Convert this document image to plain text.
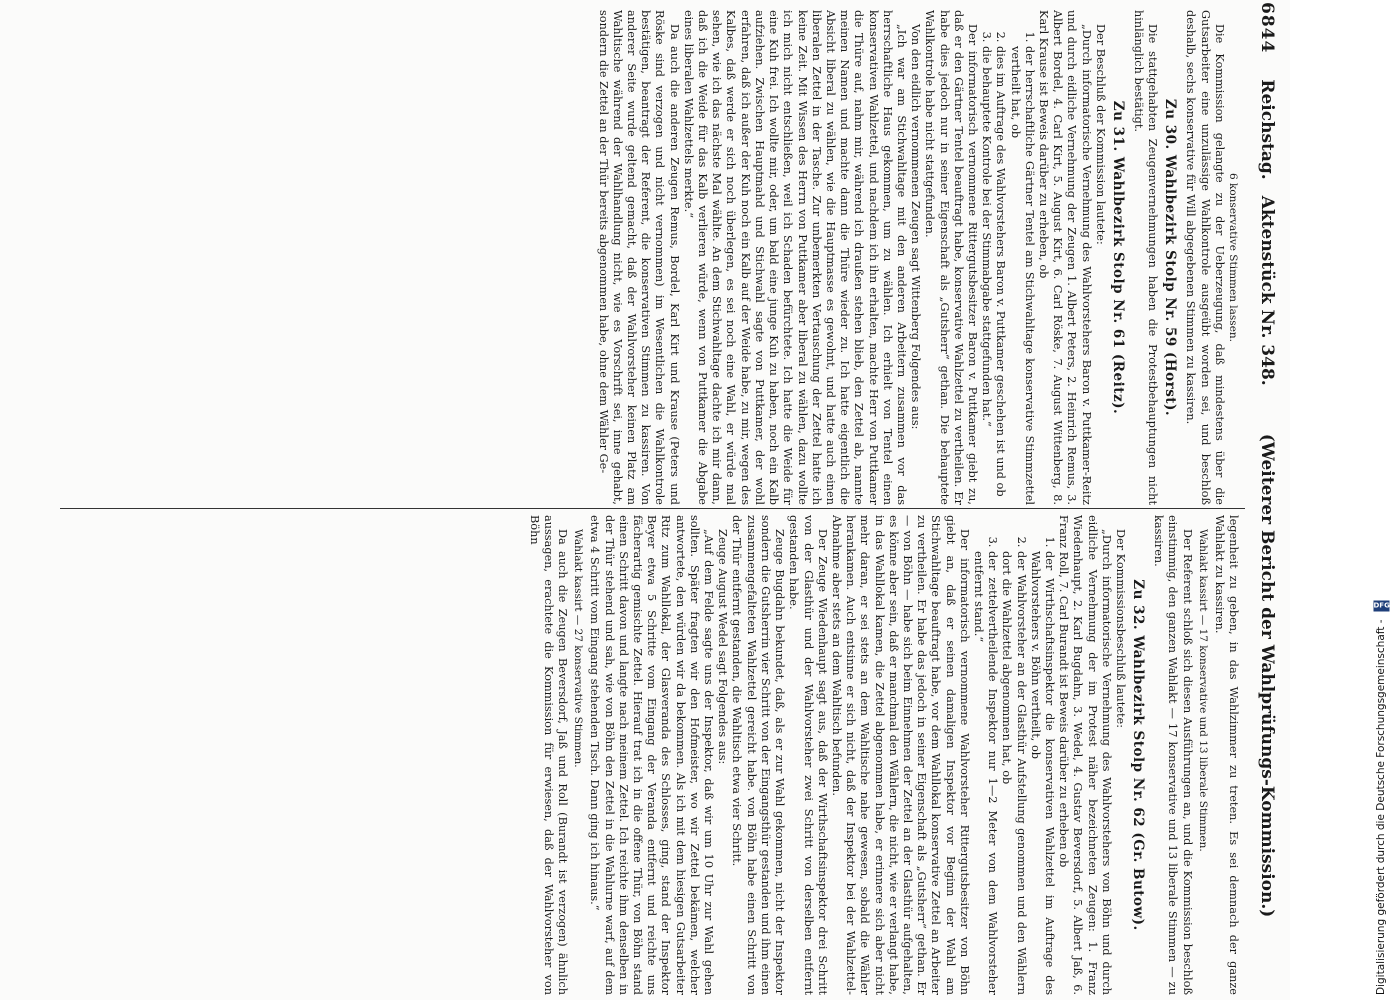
6844
Reichstag.
Aktenstück Nr. 348.
(Weiterer Bericht der Wahlprüfungs-Kommission.)

6 konservative Stimmen lassen.

Die Kommission gelangte zu der Ueberzeugung, daß mindestens über die Gutsarbeiter eine unzulässige Wahlkontrole ausgeübt worden sei, und beschloß deshalb, sechs konservative für Will abgegebenen Stimmen zu kassiren.

Zu 30. Wahlbezirk Stolp Nr. 59 (Horst).

Die stattgehabten Zeugenvernehmungen haben die Protestbehauptungen nicht hinlänglich bestätigt.

Zu 31. Wahlbezirk Stolp Nr. 61 (Reitz).

Der Beschluß der Kommission lautete:

„Durch informatorische Vernehmung des Wahlvorstehers Baron v. Puttkamer-Reitz und durch eidliche Vernehmung der Zeugen 1. Albert Peters, 2. Heinrich Remus, 3. Albert Bordel, 4. Carl Kirt, 5. August Kirt, 6. Carl Röske, 7. August Wittenberg, 8. Karl Krause ist Beweis darüber zu erheben, ob

1. der herrschaftliche Gärtner Tentel am Stichwahltage konservative Stimmzettel vertheilt hat, ob
2. dies im Auftrage des Wahlvorstehers Baron v. Puttkamer geschehen ist und ob
3. die behauptete Kontrole bei der Stimmabgabe stattgefunden hat.“

Der informatorisch vernommene Rittergutsbesitzer Baron v. Puttkamer giebt zu, daß er den Gärtner Tentel beauftragt habe, konservative Wahlzettel zu vertheilen. Er habe dies jedoch nur in seiner Eigenschaft als „Gutsherr“ gethan. Die behauptete Wahlkontrole habe nicht stattgefunden.

Von den eidlich vernommenen Zeugen sagt Wittenberg Folgendes aus:

„Ich war am Stichwahltage mit den anderen Arbeitern zusammen vor das herrschaftliche Haus gekommen, um zu wählen. Ich erhielt von Tentel einen konservativen Wahlzettel, und nachdem ich ihn erhalten, machte Herr von Puttkamer die Thüre auf, nahm mir, während ich draußen stehen blieb, den Zettel ab, nannte meinen Namen und machte dann die Thüre wieder zu. Ich hatte eigentlich die Absicht liberal zu wählen, wie die Hauptmasse es gewohnt, und hatte auch einen liberalen Zettel in der Tasche. Zur unbemerkten Vertauschung der Zettel hatte ich keine Zeit. Mit Wissen des Herrn von Puttkamer aber liberal zu wählen, dazu wollte ich mich nicht entschließen, weil ich Schaden befürchtete. Ich hatte die Weide für eine Kuh frei. Ich wollte mir, oder, um bald eine junge Kuh zu haben, noch ein Kalb aufziehen. Zwischen Hauptmahd und Stichwahl sagte von Puttkamer, der wohl erfahren, daß ich außer der Kuh noch ein Kalb auf der Weide habe, zu mir, wegen des Kalbes, daß werde er sich noch überlegen, es sei noch eine Wahl, er würde mal sehen, wie ich das nächste Mal wählte. An dem Stichwahltage dachte ich mir dann, daß ich die Weide für das Kalb verlieren würde, wenn von Puttkamer die Abgabe eines liberalen Wahlzettels merkte.“

Da auch die anderen Zeugen Remus, Bordel, Karl Kirt und Krause (Peters und Röske sind verzogen und nicht vernommen) im Wesentlichen die Wahlkontrole bestätigen, beantragt der Referent, die konservativen Stimmen zu kassiren. Von anderer Seite wurde geltend gemacht, daß der Wahlvorsteher keinen Platz am Wahltische während der Wahlhandlung nicht, wie es Vorschrift sei, inne gehabt, sondern die Zettel an der Thür bereits abgenommen habe, ohne dem Wähler Ge-

legenheit zu geben, in das Wahlzimmer zu treten. Es sei demnach der ganze Wahlakt zu kassiren.

Wahlakt kassirt — 17 konservative und 13 liberale Stimmen.

Der Referent schloß sich diesen Ausführungen an, und die Kommission beschloß einstimmig, den ganzen Wahlakt — 17 konservative und 13 liberale Stimmen — zu kassiren.

Zu 32. Wahlbezirk Stolp Nr. 62 (Gr. Butow).

Der Kommissionsbeschluß lautete:

„Durch informatorische Vernehmung des Wahlvorstehers von Böhn und durch eidliche Vernehmung der im Protest näher bezeichneten Zeugen: 1. Franz Wiedenhaupt, 2. Karl Bugdahn, 3. Wedel, 4. Gustav Beversdorf, 5. Albert Jaß, 6. Franz Roll, 7. Carl Burandt ist Beweis darüber zu erheben ob

1. der Wirthschaftsinspektor die konservativen Wahlzettel im Auftrage des Wahlvorstehers v. Böhn vertheilt, ob
2. der Wahlvorsteher an der Glasthür Aufstellung genommen und den Wählern dort die Wahlzettel abgenommen hat, ob
3. der zettelvertheilende Inspektor nur 1—2 Meter von dem Wahlvorsteher entfernt stand.“

Der informatorisch vernommene Wahlvorsteher Rittergutsbesitzer von Böhn giebt an, daß er seinen damaligen Inspektor vor Beginn der Wahl am Stichwahltage beauftragt habe, vor dem Wahllokal konservative Zettel an Arbeiter zu vertheilen. Er habe das jedoch in seiner Eigenschaft als „Gutsherr“ gethan. Er — von Böhn — habe sich beim Einnehmen der Zettel an der Glasthür aufgehalten, es könne aber sein, daß er manchmal den Wählern, die nicht, wie er verlangt habe, in das Wahllokal kamen, die Zettel abgenommen habe, er erinnere sich aber nicht mehr daran, er sei stets an dem Wahltische nahe gewesen, sobald die Wähler herankamen. Auch entsinne er sich nicht, daß der Inspektor bei der Wahlzettel-Abnahme aber stets an dem Wahltisch befunden.

Der Zeuge Wiedenhaupt sagt aus, daß der Wirthschaftsinspektor drei Schritt von der Glasthür und der Wahlvorsteher zwei Schritt von derselben entfernt gestanden habe.

Zeuge Bugdahn bekundet, daß, als er zur Wahl gekommen, nicht der Inspektor sondern die Gutsherrin vier Schritt von der Eingangsthür gestanden und ihm einen zusammengefalteten Wahlzettel gereicht habe. von Böhn habe einen Schritt von der Thür entfernt gestanden, die Wahltisch etwa vier Schritt.

Zeuge August Wedel sagt Folgendes aus:

„Auf dem Felde sagte uns der Inspektor, daß wir um 10 Uhr zur Wahl gehen sollten. Später fragten wir den Hofmeister, wo wir Zettel bekämen, welcher antwortete, den würden wir da bekommen. Als ich mit dem hiesigen Gutsarbeiter Ritz zum Wahllokal, der Glasveranda des Schlosses, ging, stand der Inspektor Beyer etwa 5 Schritte vom Eingang der Veranda entfernt und reichte uns fächerartig gemischte Zettel. Hierauf trat ich in die offene Thür, von Böhn stand einen Schritt davon und langte nach meinem Zettel. Ich reichte ihm denselben in der Thür stehend und sah, wie von Böhn den Zettel in die Wahlurne warf, auf dem etwa 4 Schritt vom Eingang stehenden Tisch. Dann ging ich hinaus.“

Wahlakt kassirt — 27 konservative Stimmen.

Da auch die Zeugen Beversdorf, Jaß und Roll (Burandt ist verzogen) ähnlich aussagen, erachtete die Kommission für erwiesen, daß der Wahlvorsteher von Böhn

Digitalisierung gefördert durch die Deutsche Forschungsgemeinschaft -
DFG
